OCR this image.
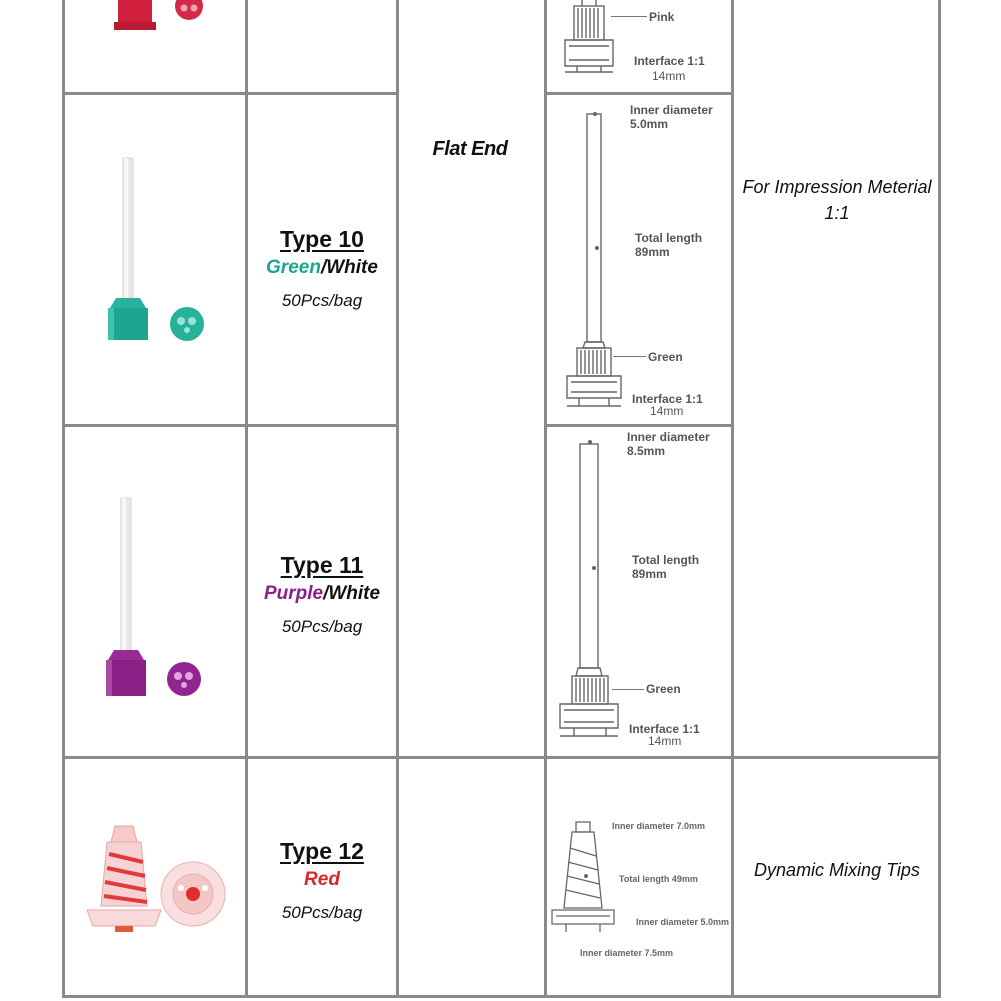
Pink
Interface 1:1
14mm
Flat End
For Impression Meterial
1:1
Type 10
Green/White
50Pcs/bag
Inner diameter
5.0mm
Total length
89mm
Green
Interface 1:1
14mm
Type 11
Purple/White
50Pcs/bag
Inner diameter
8.5mm
Total length
89mm
Green
Interface 1:1
14mm
Type 12
Red
50Pcs/bag
Inner diameter 7.0mm
Total length 49mm
Inner diameter 5.0mm
Inner diameter 7.5mm
Dynamic Mixing Tips
